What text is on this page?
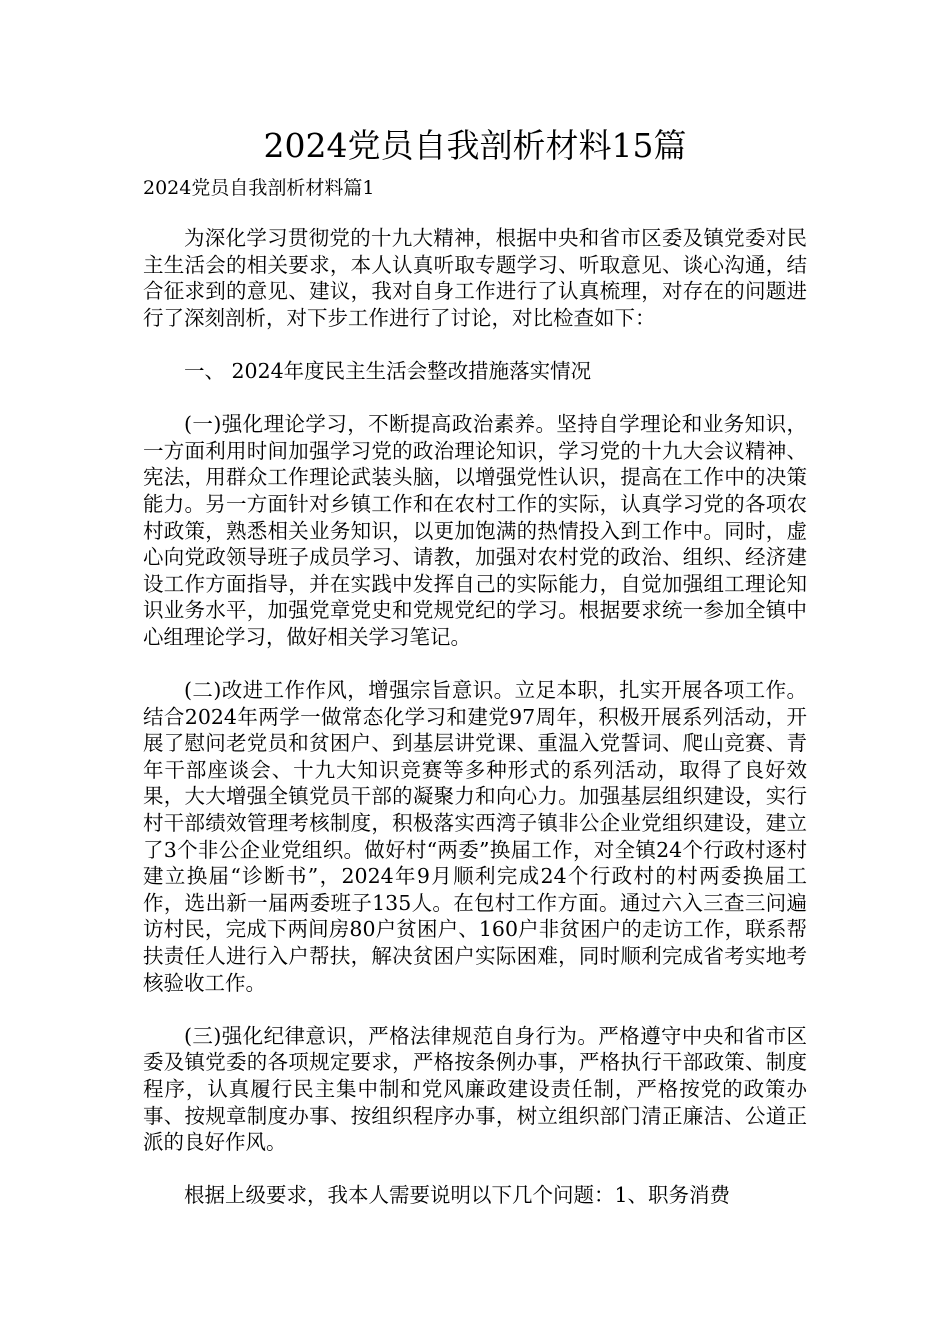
2024党员自我剖析材料15篇

2024党员自我剖析材料篇1

为深化学习贯彻党的十九大精神，根据中央和省市区委及镇党委对民主生活会的相关要求，本人认真听取专题学习、听取意见、谈心沟通，结合征求到的意见、建议，我对自身工作进行了认真梳理，对存在的问题进行了深刻剖析，对下步工作进行了讨论，对比检查如下：

一、 2024年度民主生活会整改措施落实情况

(一)强化理论学习，不断提高政治素养。坚持自学理论和业务知识，一方面利用时间加强学习党的政治理论知识，学习党的十九大会议精神、宪法，用群众工作理论武装头脑，以增强党性认识，提高在工作中的决策能力。另一方面针对乡镇工作和在农村工作的实际，认真学习党的各项农村政策，熟悉相关业务知识，以更加饱满的热情投入到工作中。同时，虚心向党政领导班子成员学习、请教，加强对农村党的政治、组织、经济建设工作方面指导，并在实践中发挥自己的实际能力，自觉加强组工理论知识业务水平，加强党章党史和党规党纪的学习。根据要求统一参加全镇中心组理论学习，做好相关学习笔记。

(二)改进工作作风，增强宗旨意识。立足本职，扎实开展各项工作。结合2024年两学一做常态化学习和建党97周年，积极开展系列活动，开展了慰问老党员和贫困户、到基层讲党课、重温入党誓词、爬山竞赛、青年干部座谈会、十九大知识竞赛等多种形式的系列活动，取得了良好效果，大大增强全镇党员干部的凝聚力和向心力。加强基层组织建设，实行村干部绩效管理考核制度，积极落实西湾子镇非公企业党组织建设，建立了3个非公企业党组织。做好村“两委”换届工作，对全镇24个行政村逐村建立换届“诊断书”，2024年9月顺利完成24个行政村的村两委换届工作，选出新一届两委班子135人。在包村工作方面。通过六入三查三问遍访村民，完成下两间房80户贫困户、160户非贫困户的走访工作，联系帮扶责任人进行入户帮扶，解决贫困户实际困难，同时顺利完成省考实地考核验收工作。

(三)强化纪律意识，严格法律规范自身行为。严格遵守中央和省市区委及镇党委的各项规定要求，严格按条例办事，严格执行干部政策、制度程序，认真履行民主集中制和党风廉政建设责任制，严格按党的政策办事、按规章制度办事、按组织程序办事，树立组织部门清正廉洁、公道正派的良好作风。

根据上级要求，我本人需要说明以下几个问题：1、职务消费
